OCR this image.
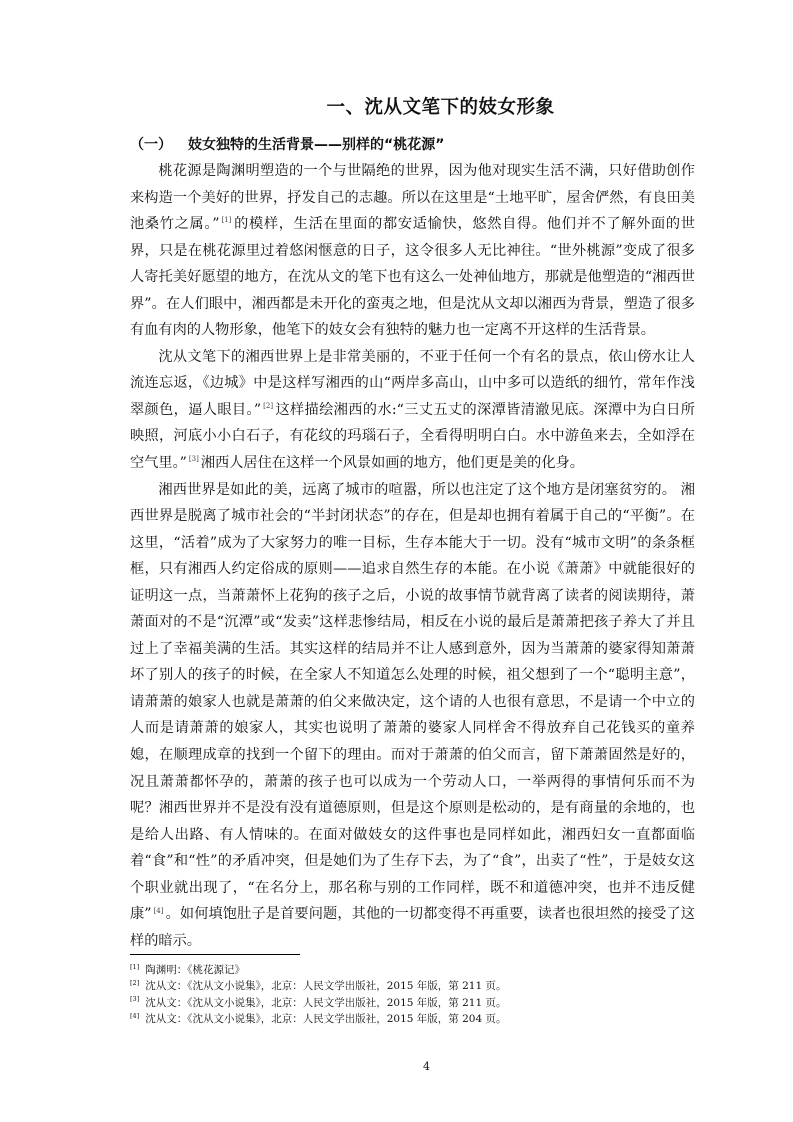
一、沈从文笔下的妓女形象
（一） 妓女独特的生活背景——别样的“桃花源”

桃花源是陶渊明塑造的一个与世隔绝的世界，因为他对现实生活不满，只好借助创作来构造一个美好的世界，抒发自己的志趣。所以在这里是“土地平旷，屋舍俨然，有良田美池桑竹之属。” [1] 的模样，生活在里面的都安适愉快，悠然自得。他们并不了解外面的世界，只是在桃花源里过着悠闲惬意的日子，这令很多人无比神往。“世外桃源”变成了很多人寄托美好愿望的地方，在沈从文的笔下也有这么一处神仙地方，那就是他塑造的“湘西世界”。在人们眼中，湘西都是未开化的蛮夷之地，但是沈从文却以湘西为背景，塑造了很多有血有肉的人物形象，他笔下的妓女会有独特的魅力也一定离不开这样的生活背景。

沈从文笔下的湘西世界上是非常美丽的，不亚于任何一个有名的景点，依山傍水让人流连忘返，《边城》中是这样写湘西的山“两岸多高山，山中多可以造纸的细竹，常年作浅翠颜色，逼人眼目。” [2] 这样描绘湘西的水:“三丈五丈的深潭皆清澈见底。深潭中为白日所映照，河底小小白石子，有花纹的玛瑙石子，全看得明明白白。水中游鱼来去，全如浮在空气里。” [3] 湘西人居住在这样一个风景如画的地方，他们更是美的化身。

湘西世界是如此的美，远离了城市的喧嚣，所以也注定了这个地方是闭塞贫穷的。 湘西世界是脱离了城市社会的“半封闭状态”的存在，但是却也拥有着属于自己的“平衡”。在这里，“活着”成为了大家努力的唯一目标，生存本能大于一切。没有“城市文明”的条条框框，只有湘西人约定俗成的原则——追求自然生存的本能。在小说《萧萧》中就能很好的证明这一点，当萧萧怀上花狗的孩子之后，小说的故事情节就背离了读者的阅读期待，萧萧面对的不是“沉潭”或“发卖”这样悲惨结局，相反在小说的最后是萧萧把孩子养大了并且过上了幸福美满的生活。其实这样的结局并不让人感到意外，因为当萧萧的婆家得知萧萧坏了别人的孩子的时候，在全家人不知道怎么处理的时候，祖父想到了一个“聪明主意”，请萧萧的娘家人也就是萧萧的伯父来做决定，这个请的人也很有意思，不是请一个中立的人而是请萧萧的娘家人，其实也说明了萧萧的婆家人同样舍不得放弃自己花钱买的童养媳，在顺理成章的找到一个留下的理由。而对于萧萧的伯父而言，留下萧萧固然是好的，况且萧萧都怀孕的，萧萧的孩子也可以成为一个劳动人口，一举两得的事情何乐而不为呢？湘西世界并不是没有没有道德原则，但是这个原则是松动的，是有商量的余地的，也是给人出路、有人情味的。在面对做妓女的这件事也是同样如此，湘西妇女一直都面临着“食”和“性”的矛盾冲突，但是她们为了生存下去，为了“食”，出卖了“性”，于是妓女这个职业就出现了，“在名分上，那名称与别的工作同样，既不和道德冲突，也并不违反健康” [4] 。如何填饱肚子是首要问题，其他的一切都变得不再重要，读者也很坦然的接受了这样的暗示。

[1] 陶渊明：《桃花源记》
[2] 沈从文：《沈从文小说集》，北京：人民文学出版社，2015 年版，第 211 页。
[3] 沈从文：《沈从文小说集》，北京：人民文学出版社，2015 年版，第 211 页。
[4] 沈从文：《沈从文小说集》，北京：人民文学出版社，2015 年版，第 204 页。
4
